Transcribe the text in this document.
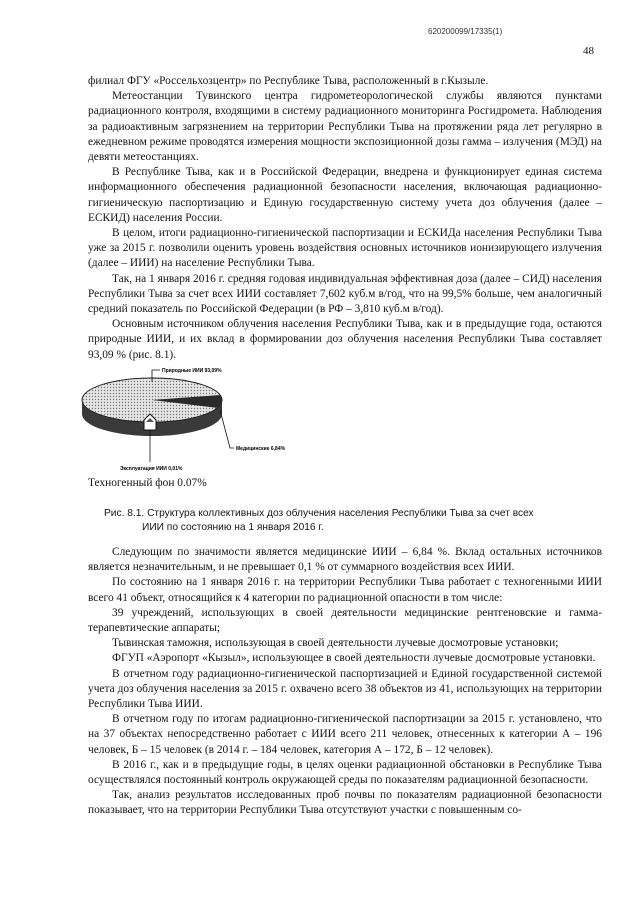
620200099/17335(1)
48

филиал ФГУ «Россельхозцентр» по Республике Тыва, расположенный в г.Кызыле.

Метеостанции Тувинского центра гидрометеорологической службы являются пунктами радиационного контроля, входящими в систему радиационного мониторинга Росгидромета. Наблюдения за радиоактивным загрязнением на территории Республики Тыва на протяжении ряда лет регулярно в ежедневном режиме проводятся измерения мощности экспозиционной дозы гамма – излучения (МЭД) на девяти метеостанциях.

В Республике Тыва, как и в Российской Федерации, внедрена и функционирует единая система информационного обеспечения радиационной безопасности населения, включающая радиационно-гигиеническую паспортизацию и Единую государственную систему учета доз облучения (далее – ЕСКИД) населения России.

В целом, итоги радиационно-гигиенической паспортизации и ЕСКИДа населения Республики Тыва уже за 2015 г. позволили оценить уровень воздействия основных источников ионизирующего излучения (далее – ИИИ) на население Республики Тыва.

Так, на 1 января 2016 г. средняя годовая индивидуальная эффективная доза (далее – СИД) населения Республики Тыва за счет всех ИИИ составляет 7,602 куб.м в/год, что на 99,5% больше, чем аналогичный средний показатель по Российской Федерации (в РФ – 3,810 куб.м в/год).

Основным источником облучения населения Республики Тыва, как и в предыдущие года, остаются природные ИИИ, и их вклад в формировании доз облучения населения Республики Тыва составляет 93,09 % (рис. 8.1).

Природные ИИИ 93,09%
Медицинские 6,84%
Эксплуатация ИИИ 0,01%
Техногенный фон 0.07%
Рис. 8.1. Структура коллективных доз облучения населения Республики Тыва за счет всех
ИИИ по состоянию на 1 января 2016 г.

Следующим по значимости является медицинские ИИИ – 6,84 %. Вклад остальных источников является незначительным, и не превышает 0,1 % от суммарного воздействия всех ИИИ.

По состоянию на 1 января 2016 г. на территории Республики Тыва работает с техногенными ИИИ всего 41 объект, относящийся к 4 категории по радиационной опасности в том числе:

39 учреждений, использующих в своей деятельности медицинские рентгеновские и гамма-терапевтические аппараты;

Тывинская таможня, использующая в своей деятельности лучевые досмотровые установки;

ФГУП «Аэропорт «Кызыл», использующее в своей деятельности лучевые досмотровые установки.

В отчетном году радиационно-гигиенической паспортизацией и Единой государственной системой учета доз облучения населения за 2015 г. охвачено всего 38 объектов из 41, использующих на территории Республики Тыва ИИИ.

В отчетном году по итогам радиационно-гигиенической паспортизации за 2015 г. установлено, что на 37 объектах непосредственно работает с ИИИ всего 211 человек, отнесенных к категории А – 196 человек, Б – 15 человек (в 2014 г. – 184 человек, категория А – 172, Б – 12 человек).

В 2016 г., как и в предыдущие годы, в целях оценки радиационной обстановки в Республике Тыва осуществлялся постоянный контроль окружающей среды по показателям радиационной безопасности.

Так, анализ результатов исследованных проб почвы по показателям радиационной безопасности показывает, что на территории Республики Тыва отсутствуют участки с повышенным со-
